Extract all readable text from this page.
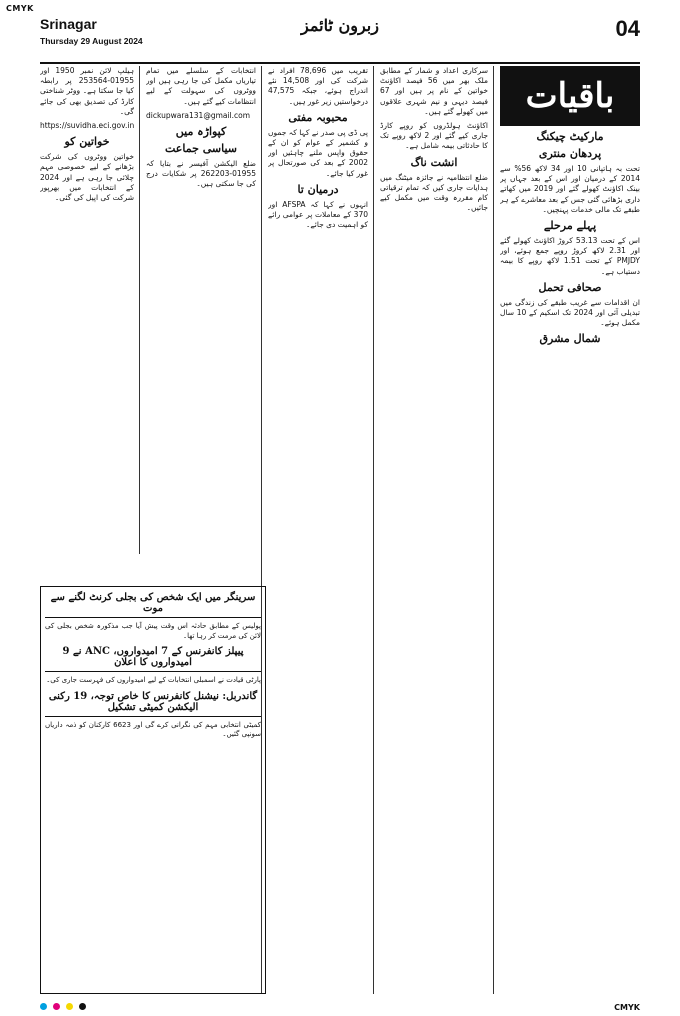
CMYK
Srinagar
Thursday 29 August 2024
زبرون ٹائمز	04
باقیات
مارکیٹ چیکنگ
پردھان منتری

تحت بہ ہاتپانی 10 اور 34 لاکھ 56% سے 2014 کے درمیان اور اس کے بعد جہاں پر بینک اکاؤنٹ کھولے گئے اور 2019 میں کھاتے داری بڑھائی گئی جس کے بعد معاشرے کے ہر طبقے تک مالی خدمات پہنچیں۔

پہلے مرحلے

اس کے تحت 53.13 کروڑ اکاؤنٹ کھولے گئے اور 2.31 لاکھ کروڑ روپے جمع ہوئے، اور PMJDY کے تحت 1.51 لاکھ روپے کا بیمہ دستیاب ہے۔

صحافی تحمل

ان اقدامات سے غریب طبقے کی زندگی میں تبدیلی آئی اور 2024 تک اسکیم کے 10 سال مکمل ہوئے۔

شمال مشرق

سرکاری اعداد و شمار کے مطابق ملک بھر میں 56 فیصد اکاؤنٹ خواتین کے نام پر ہیں اور 67 فیصد دیہی و نیم شہری علاقوں میں کھولے گئے ہیں۔

اکاؤنٹ ہولڈروں کو روپے کارڈ جاری کیے گئے اور 2 لاکھ روپے تک کا حادثاتی بیمہ شامل ہے۔

انشت ناگ

ضلع انتظامیہ نے جائزہ میٹنگ میں ہدایات جاری کیں کہ تمام ترقیاتی کام مقررہ وقت میں مکمل کیے جائیں۔

تقریب میں 78,696 افراد نے شرکت کی اور 14,508 نئے اندراج ہوئے، جبکہ 47,575 درخواستیں زیر غور ہیں۔

محبوبہ مفتی

پی ڈی پی صدر نے کہا کہ جموں و کشمیر کے عوام کو ان کے حقوق واپس ملنے چاہئیں اور 2002 کے بعد کی صورتحال پر غور کیا جائے۔

درمیان تا

انہوں نے کہا کہ AFSPA اور 370 کے معاملات پر عوامی رائے کو اہمیت دی جائے۔

انتخابات کے سلسلے میں تمام تیاریاں مکمل کی جا رہی ہیں اور ووٹروں کی سہولت کے لیے انتظامات کیے گئے ہیں۔

dickupwara131@gmail.com

کپواڑہ میں
سیاسی جماعت

ضلع الیکشن آفیسر نے بتایا کہ 01955-262203 پر شکایات درج کی جا سکتی ہیں۔

ہیلپ لائن نمبر 1950 اور 01955-253564 پر رابطہ کیا جا سکتا ہے۔ ووٹر شناختی کارڈ کی تصدیق بھی کی جائے گی۔

https://suvidha.eci.gov.in

خواتین کو

خواتین ووٹروں کی شرکت بڑھانے کے لیے خصوصی مہم چلائی جا رہی ہے اور 2024 کے انتخابات میں بھرپور شرکت کی اپیل کی گئی۔

سرینگر میں ایک شخص کی بجلی کرنٹ لگنے سے موت

پولیس کے مطابق حادثہ اس وقت پیش آیا جب مذکورہ شخص بجلی کی لائن کی مرمت کر رہا تھا۔

پیپلز کانفرنس کے 7 امیدواروں، ANC نے 9 امیدواروں کا اعلان

پارٹی قیادت نے اسمبلی انتخابات کے لیے امیدواروں کی فہرست جاری کی۔

گاندربل: نیشنل کانفرنس کا خاص توجہ، 19 رکنی الیکشن کمیٹی تشکیل

کمیٹی انتخابی مہم کی نگرانی کرے گی اور 6623 کارکنان کو ذمہ داریاں سونپی گئیں۔

CMYK
